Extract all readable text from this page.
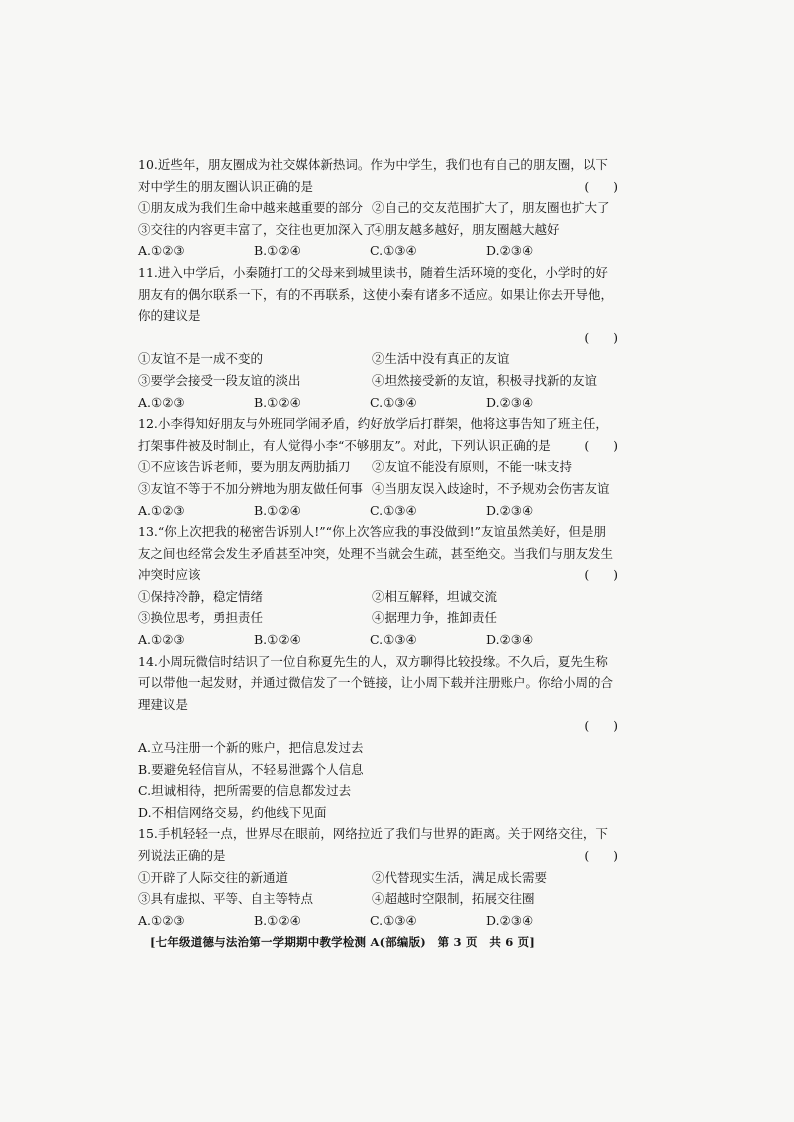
10.近些年，朋友圈成为社交媒体新热词。作为中学生，我们也有自己的朋友圈，以下对中学生的朋友圈认识正确的是	(      )
①朋友成为我们生命中越来越重要的部分 ②自己的交友范围扩大了，朋友圈也扩大了
③交往的内容更丰富了，交往也更加深入了
④朋友越多越好，朋友圈越大越好
A.①②③	B.①②④	C.①③④	D.②③④

11.进入中学后，小秦随打工的父母来到城里读书，随着生活环境的变化，小学时的好朋友有的偶尔联系一下，有的不再联系，这使小秦有诸多不适应。如果让你去开导他，你的建议是

(      )
①友谊不是一成不变的	②生活中没有真正的友谊
③要学会接受一段友谊的淡出	④坦然接受新的友谊，积极寻找新的友谊
A.①②③	B.①②④	C.①③④	D.②③④

12.小李得知好朋友与外班同学闹矛盾，约好放学后打群架，他将这事告知了班主任，打架事件被及时制止，有人觉得小李“不够朋友”。对此，下列认识正确的是	(      )
①不应该告诉老师，要为朋友两肋插刀	②友谊不能没有原则，不能一味支持
③友谊不等于不加分辨地为朋友做任何事 ④当朋友误入歧途时，不予规劝会伤害友谊
A.①②③	B.①②④	C.①③④	D.②③④

13.“你上次把我的秘密告诉别人!”“你上次答应我的事没做到!”友谊虽然美好，但是朋友之间也经常会发生矛盾甚至冲突，处理不当就会生疏，甚至绝交。当我们与朋友发生冲突时应该	(      )
①保持冷静，稳定情绪	②相互解释，坦诚交流
③换位思考，勇担责任	④据理力争，推卸责任
A.①②③	B.①②④	C.①③④	D.②③④

14.小周玩微信时结识了一位自称夏先生的人，双方聊得比较投缘。不久后，夏先生称可以带他一起发财，并通过微信发了一个链接，让小周下载并注册账户。你给小周的合理建议是

(      )
A.立马注册一个新的账户，把信息发过去
B.要避免轻信盲从，不轻易泄露个人信息
C.坦诚相待，把所需要的信息都发过去
D.不相信网络交易，约他线下见面

15.手机轻轻一点，世界尽在眼前，网络拉近了我们与世界的距离。关于网络交往，下列说法正确的是	(      )
①开辟了人际交往的新通道	②代替现实生活，满足成长需要
③具有虚拟、平等、自主等特点	④超越时空限制，拓展交往圈
A.①②③	B.①②④	C.①③④	D.②③④
[七年级道德与法治第一学期期中教学检测 A(部编版)　第 3 页　共 6 页]
